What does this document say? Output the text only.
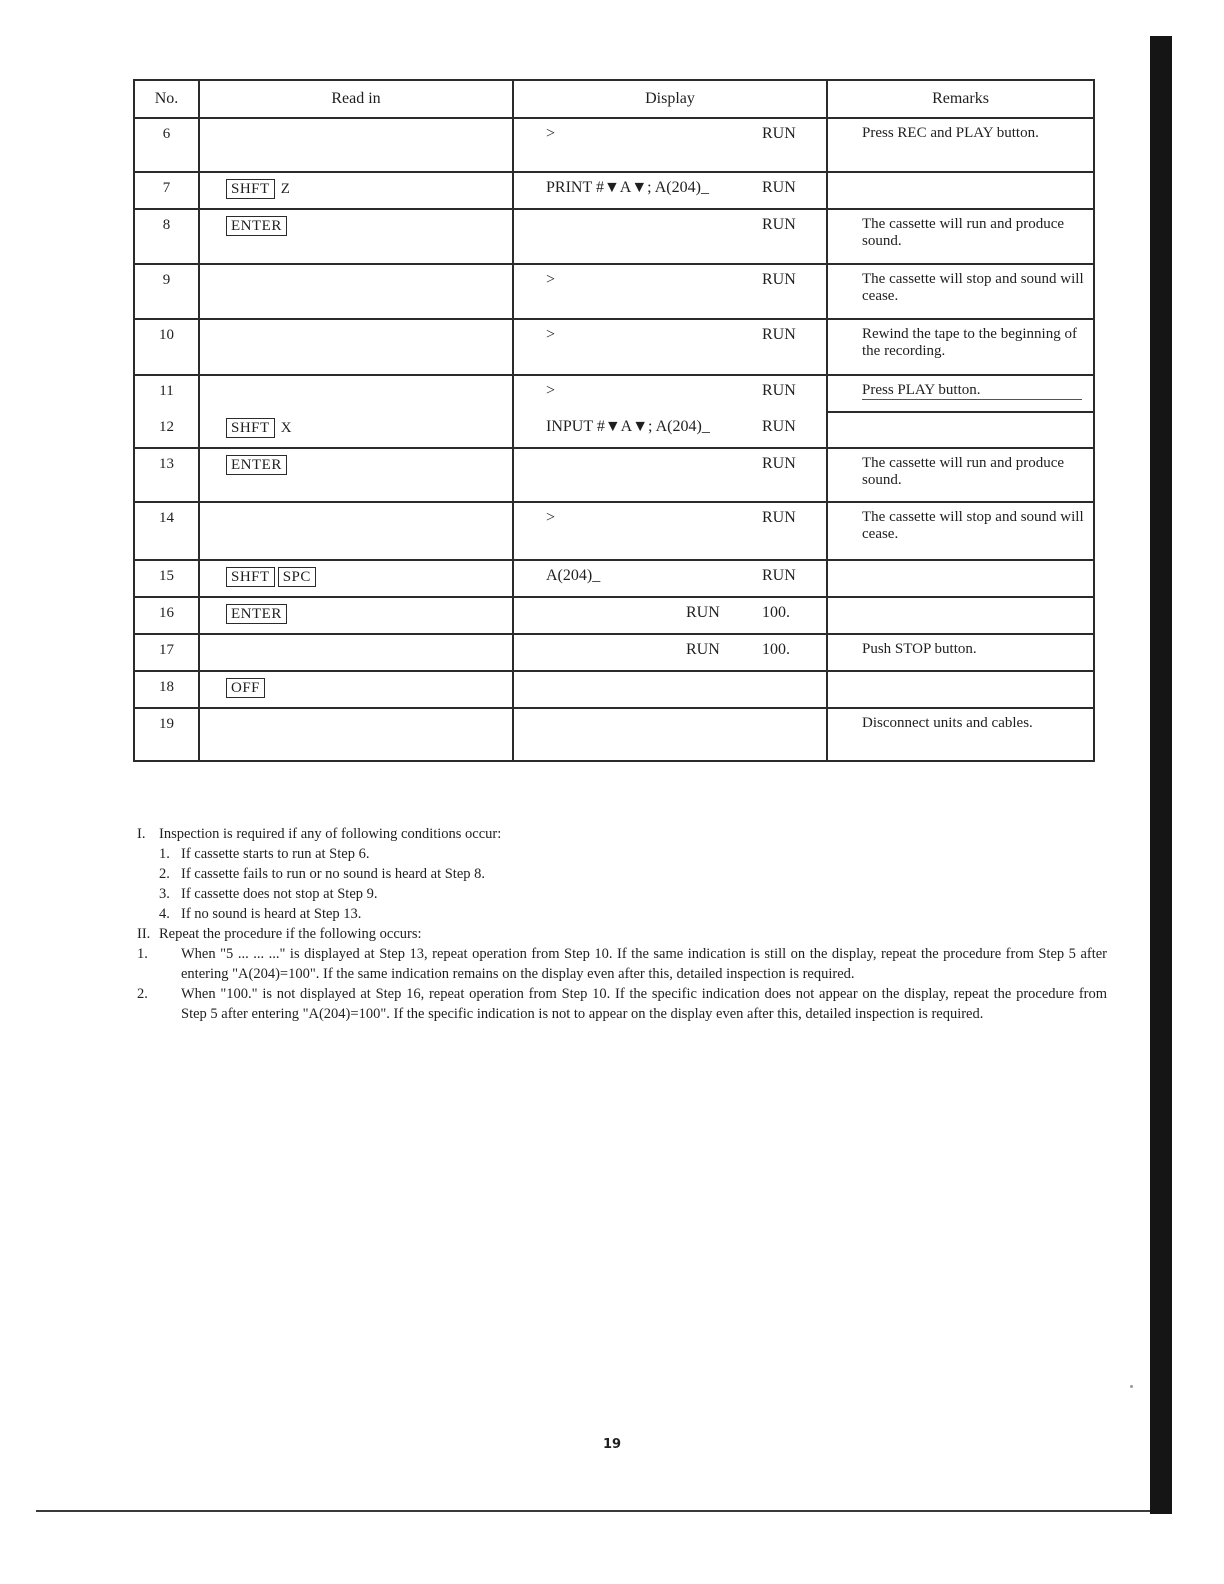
No.	Read in	Display	Remarks
6		> RUN	Press REC and PLAY button.
7	SHFT Z	PRINT #▼A▼; A(204)_ RUN	

8	ENTER	RUN	The cassette will run and produce sound.
9		> RUN	The cassette will stop and sound will cease.
10		> RUN	Rewind the tape to the beginning of the recording.
11		> RUN	Press PLAY button.

12	SHFT X	INPUT #▼A▼; A(204)_ RUN	

13	ENTER	RUN	The cassette will run and produce sound.
14		> RUN	The cassette will stop and sound will cease.
15	SHFT SPC	A(204)_ RUN	

16	ENTER	RUN 100.	

17		RUN 100.	Push STOP button.
18	OFF		
19			Disconnect units and cables.

I. Inspection is required if any of following conditions occur:

1. If cassette starts to run at Step 6.
2. If cassette fails to run or no sound is heard at Step 8.
3. If cassette does not stop at Step 9.
4. If no sound is heard at Step 13.

II. Repeat the procedure if the following occurs:

1. When "5 ... ... ..." is displayed at Step 13, repeat operation from Step 10. If the same indication is still on the display, repeat the procedure from Step 5 after entering "A(204)=100". If the same indication remains on the display even after this, detailed inspection is required.
2. When "100." is not displayed at Step 16, repeat operation from Step 10. If the specific indication does not appear on the display, repeat the procedure from Step 5 after entering "A(204)=100". If the specific indication is not to appear on the display even after this, detailed inspection is required.
19
